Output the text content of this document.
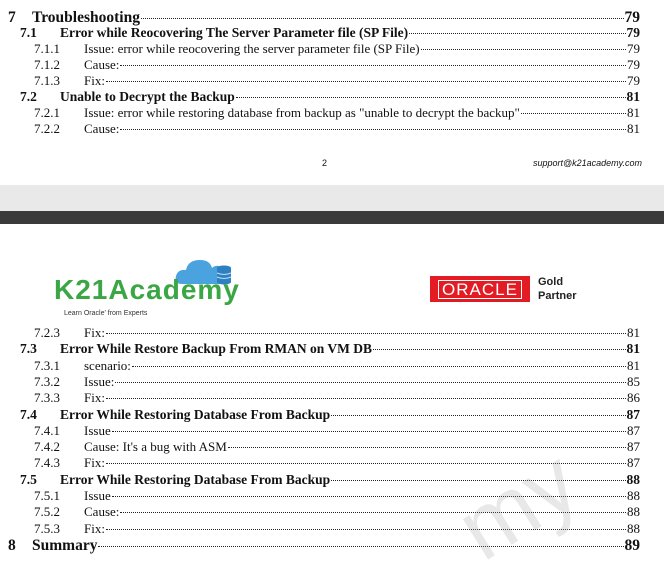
7	Troubleshooting	79
7.1	Error while Reocovering The Server Parameter file (SP File)	79
7.1.1	Issue: error while reocovering the server parameter file (SP File)	79
7.1.2	Cause:	79
7.1.3	Fix:	79
7.2	Unable to Decrypt the Backup	81
7.2.1	Issue: error while restoring database from backup as "unable to decrypt the backup"	81
7.2.2	Cause:	81
2	support@k21academy.com
K21Academy
Learn Oracle' from Experts
ORACLE	Gold
Partner
7.2.3	Fix:	81
7.3	Error While Restore Backup From RMAN on VM DB	81
7.3.1	scenario:	81
7.3.2	Issue:	85
7.3.3	Fix:	86
7.4	Error While Restoring Database From Backup	87
7.4.1	Issue	87
7.4.2	Cause: It's a bug with ASM	87
7.4.3	Fix:	87
7.5	Error While Restoring Database From Backup	88
7.5.1	Issue	88
7.5.2	Cause:	88
7.5.3	Fix:	88
8	Summary	89
my
